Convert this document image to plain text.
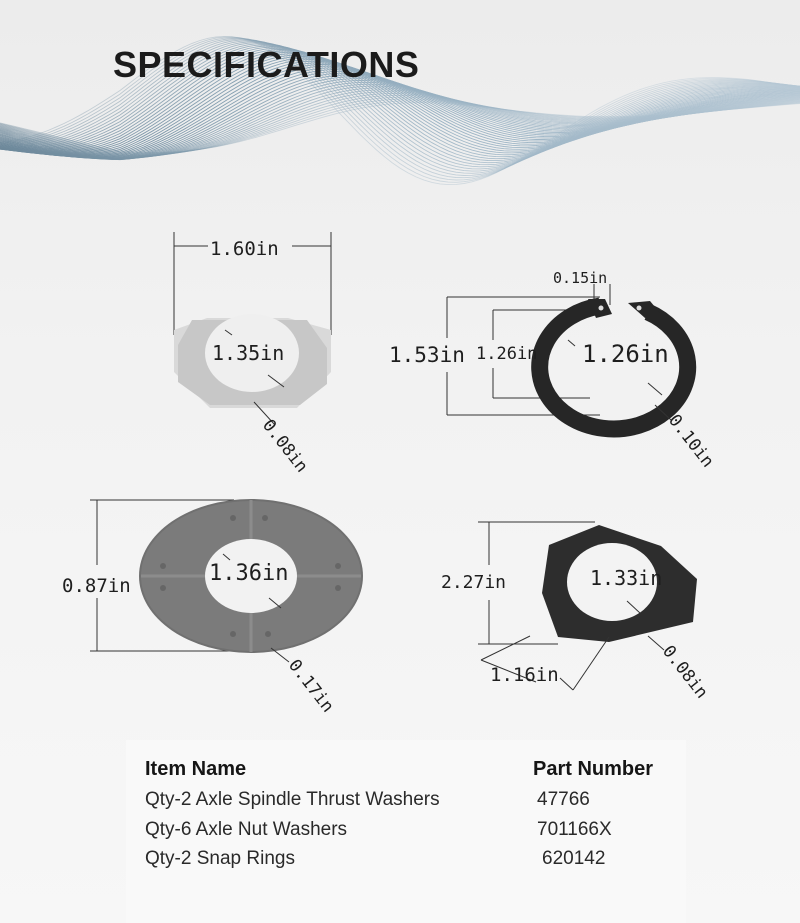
SPECIFICATIONS
1.60in
1.35in
0.08in
0.15in
1.53in 1.26in 1.26in
0.10in
0.87in	1.36in
0.17in
2.27in	1.33in
1.16in	0.08in
Item Name	Part Number
Qty-2 Axle Spindle Thrust Washers	47766
Qty-6 Axle Nut Washers	701166X
Qty-2 Snap Rings	620142
